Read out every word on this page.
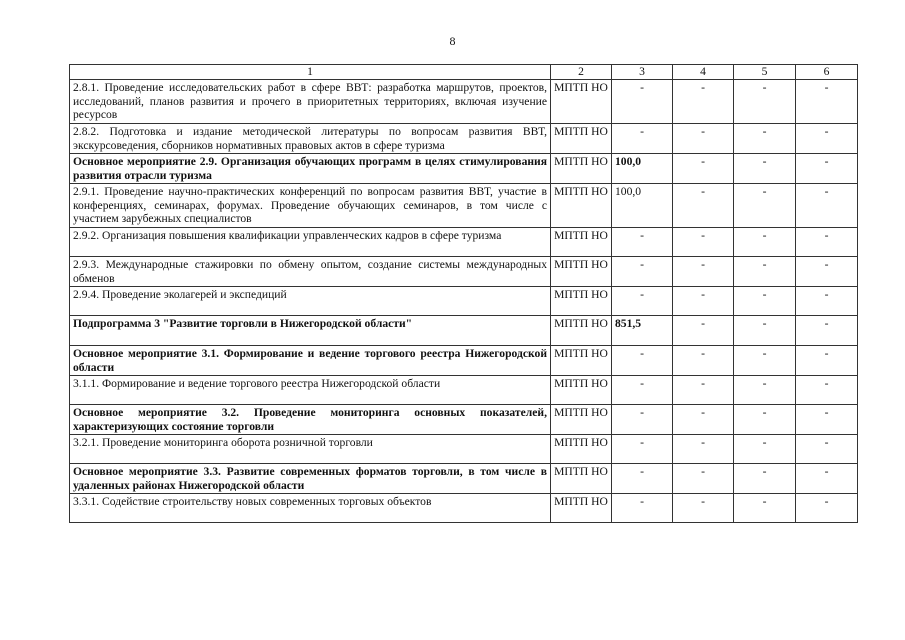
8
1	2	3	4	5	6

2.8.1. Проведение исследовательских работ в сфере ВВТ: разработка маршрутов, проектов, исследований, планов развития и прочего в приоритетных территориях, включая изучение ресурсов	МПТП НО	-	-	-	-

2.8.2. Подготовка и издание методической литературы по вопросам развития ВВТ, экскурсоведения, сборников нормативных правовых актов в сфере туризма	МПТП НО	-	-	-	-

Основное мероприятие 2.9. Организация обучающих программ в целях стимулирования развития отрасли туризма	МПТП НО	100,0	-	-	-

2.9.1. Проведение научно-практических конференций по вопросам развития ВВТ, участие в конференциях, семинарах, форумах. Проведение обучающих семинаров, в том числе с участием зарубежных специалистов	МПТП НО	100,0	-	-	-

2.9.2. Организация повышения квалификации управленческих кадров в сфере туризма	МПТП НО	-	-	-	-

2.9.3. Международные стажировки по обмену опытом, создание системы международных обменов	МПТП НО	-	-	-	-

2.9.4. Проведение эколагерей и экспедиций	МПТП НО	-	-	-	-

Подпрограмма 3 "Развитие торговли в Нижегородской области"	МПТП НО	851,5	-	-	-

Основное мероприятие 3.1. Формирование и ведение торгового реестра Нижегородской области	МПТП НО	-	-	-	-

3.1.1. Формирование и ведение торгового реестра Нижегородской области	МПТП НО	-	-	-	-

Основное мероприятие 3.2. Проведение мониторинга основных показателей, характеризующих состояние торговли	МПТП НО	-	-	-	-

3.2.1. Проведение мониторинга оборота розничной торговли	МПТП НО	-	-	-	-

Основное мероприятие 3.3. Развитие современных форматов торговли, в том числе в удаленных районах Нижегородской области	МПТП НО	-	-	-	-

3.3.1. Содействие строительству новых современных торговых объектов	МПТП НО	-	-	-	-
